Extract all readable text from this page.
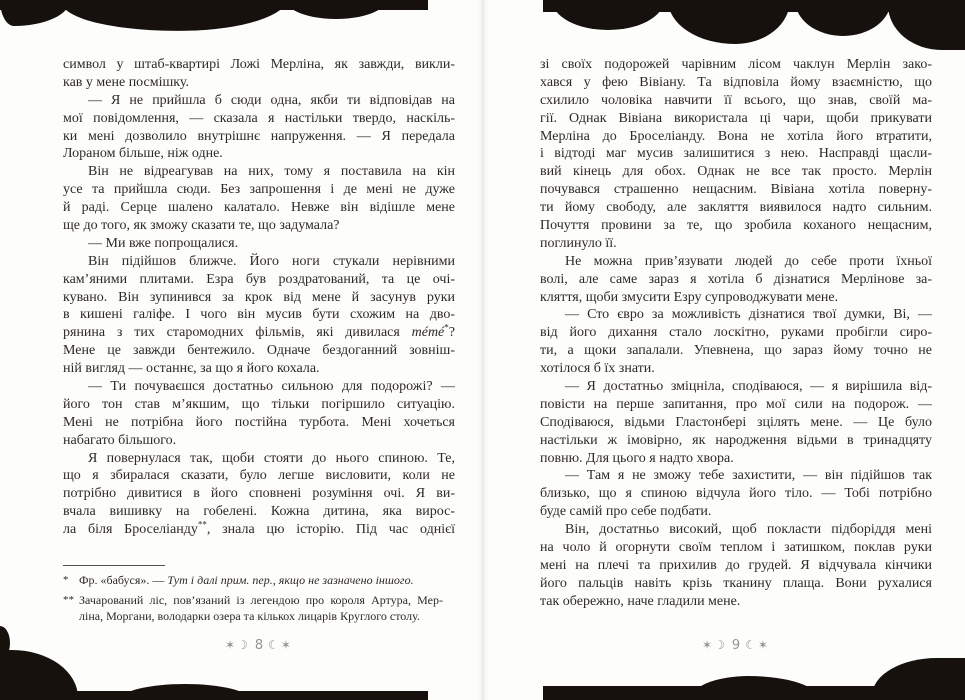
символ у штаб-квартирі Ложі Мерліна, як завжди, викли-
кав у мене посмішку.
— Я не прийшла б сюди одна, якби ти відповідав на
мої повідомлення, — сказала я настільки твердо, наскіль-
ки мені дозволило внутрішнє напруження. — Я передала
Лораном більше, ніж одне.
Він не відреагував на них, тому я поставила на кін
усе та прийшла сюди. Без запрошення і де мені не дуже
й раді. Серце шалено калатало. Невже він відішле мене
ще до того, як зможу сказати те, що задумала?
— Ми вже попрощалися.
Він підійшов ближче. Його ноги стукали нерівними
кам’яними плитами. Езра був роздратований, та це очі-
кувано. Він зупинився за крок від мене й засунув руки
в кишені галіфе. І чого він мусив бути схожим на дво-
рянина з тих старомодних фільмів, які дивилася mémé*?
Мене це завжди бентежило. Одначе бездоганний зовніш-
ній вигляд — останнє, за що я його кохала.
— Ти почуваєшся достатньо сильною для подорожі? —
його тон став м’якшим, що тільки погіршило ситуацію.
Мені не потрібна його постійна турбота. Мені хочеться
набагато більшого.
Я повернулася так, щоби стояти до нього спиною. Те,
що я збиралася сказати, було легше висловити, коли не
потрібно дивитися в його сповнені розуміння очі. Я ви-
вчала вишивку на гобелені. Кожна дитина, яка вирос-
ла біля Броселіанду**, знала цю історію. Під час однієї
* Фр. «бабуся». — Тут і далі прим. пер., якщо не зазначено іншого.
** Зачарований ліс, пов’язаний із легендою про короля Артура, Мер-
ліна, Моргани, володарки озера та кількох лицарів Круглого столу.
✶☽ 8 ☾✶
зі своїх подорожей чарівним лісом чаклун Мерлін зако-
хався у фею Вівіану. Та відповіла йому взаємністю, що
схилило чоловіка навчити її всього, що знав, своїй ма-
гії. Однак Вівіана використала ці чари, щоби прикувати
Мерліна до Броселіанду. Вона не хотіла його втратити,
і відтоді маг мусив залишитися з нею. Насправді щасли-
вий кінець для обох. Однак не все так просто. Мерлін
почувався страшенно нещасним. Вівіана хотіла поверну-
ти йому свободу, але закляття виявилося надто сильним.
Почуття провини за те, що зробила коханого нещасним,
поглинуло її.
Не можна прив’язувати людей до себе проти їхньої
волі, але саме зараз я хотіла б дізнатися Мерлінове за-
кляття, щоби змусити Езру супроводжувати мене.
— Сто євро за можливість дізнатися твої думки, Ві, —
від його дихання стало лоскітно, руками пробігли сиро-
ти, а щоки запалали. Упевнена, що зараз йому точно не
хотілося б їх знати.
— Я достатньо зміцніла, сподіваюся, — я вирішила від-
повісти на перше запитання, про мої сили на подорож. —
Сподіваюся, відьми Гластонбері зцілять мене. — Це було
настільки ж імовірно, як народження відьми в тринадцяту
повню. Для цього я надто хвора.
— Там я не зможу тебе захистити, — він підійшов так
близько, що я спиною відчула його тіло. — Тобі потрібно
буде самій про себе подбати.
Він, достатньо високий, щоб покласти підборіддя мені
на чоло й огорнути своїм теплом і затишком, поклав руки
мені на плечі та прихилив до грудей. Я відчувала кінчики
його пальців навіть крізь тканину плаща. Вони рухалися
так обережно, наче гладили мене.
✶☽ 9 ☾✶
